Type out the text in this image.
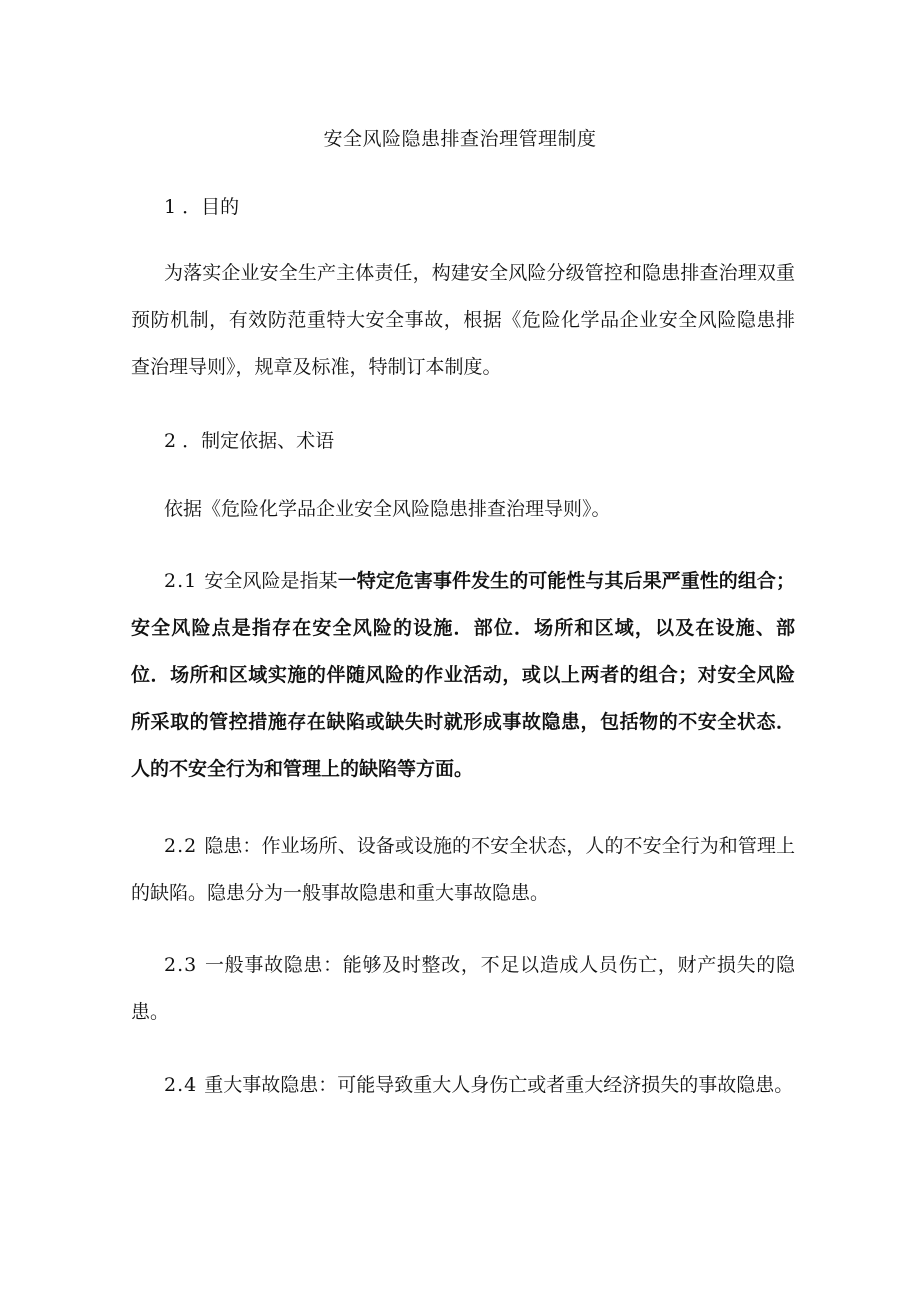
安全风险隐患排查治理管理制度
1 ．目的

为落实企业安全生产主体责任，构建安全风险分级管控和隐患排查治理双重预防机制，有效防范重特大安全事故，根据《危险化学品企业安全风险隐患排查治理导则》，规章及标准，特制订本制度。

2 ．制定依据、术语

依据《危险化学品企业安全风险隐患排查治理导则》。

2.1 安全风险是指某一特定危害事件发生的可能性与其后果严重性的组合；安全风险点是指存在安全风险的设施．部位．场所和区域，以及在设施、部位．场所和区域实施的伴随风险的作业活动，或以上两者的组合；对安全风险所采取的管控措施存在缺陷或缺失时就形成事故隐患，包括物的不安全状态．人的不安全行为和管理上的缺陷等方面。

2.2 隐患：作业场所、设备或设施的不安全状态，人的不安全行为和管理上的缺陷。隐患分为一般事故隐患和重大事故隐患。

2.3 一般事故隐患：能够及时整改，不足以造成人员伤亡，财产损失的隐患。

2.4 重大事故隐患：可能导致重大人身伤亡或者重大经济损失的事故隐患。
